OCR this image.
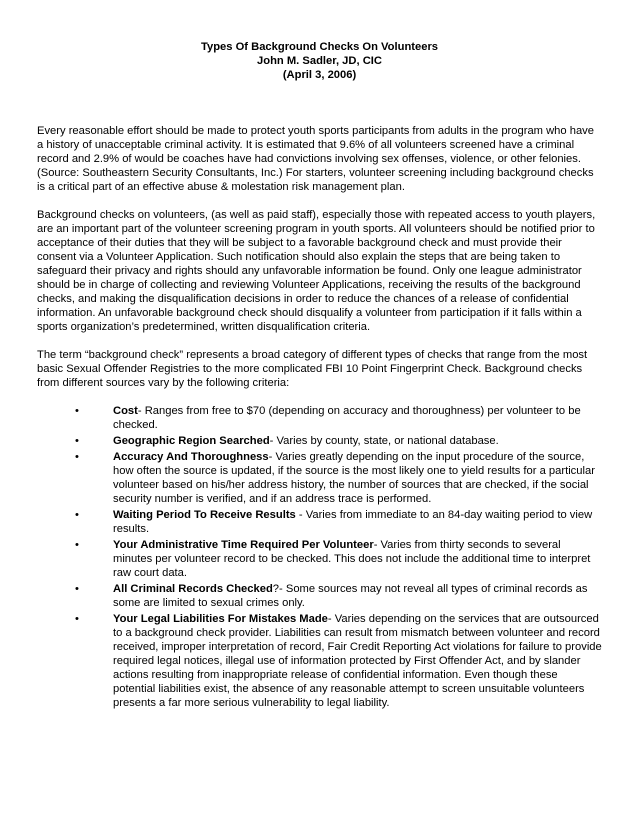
Types Of Background Checks On Volunteers
John M. Sadler, JD, CIC
(April 3, 2006)

Every reasonable effort should be made to protect youth sports participants from adults in the program who have a history of unacceptable criminal activity. It is estimated that 9.6% of all volunteers screened have a criminal record and 2.9% of would be coaches have had convictions involving sex offenses, violence, or other felonies. (Source: Southeastern Security Consultants, Inc.) For starters, volunteer screening including background checks is a critical part of an effective abuse & molestation risk management plan.

Background checks on volunteers, (as well as paid staff), especially those with repeated access to youth players, are an important part of the volunteer screening program in youth sports. All volunteers should be notified prior to acceptance of their duties that they will be subject to a favorable background check and must provide their consent via a Volunteer Application. Such notification should also explain the steps that are being taken to safeguard their privacy and rights should any unfavorable information be found. Only one league administrator should be in charge of collecting and reviewing Volunteer Applications, receiving the results of the background checks, and making the disqualification decisions in order to reduce the chances of a release of confidential information. An unfavorable background check should disqualify a volunteer from participation if it falls within a sports organization’s predetermined, written disqualification criteria.

The term “background check” represents a broad category of different types of checks that range from the most basic Sexual Offender Registries to the more complicated FBI 10 Point Fingerprint Check. Background checks from different sources vary by the following criteria:

•	Cost- Ranges from free to $70 (depending on accuracy and thoroughness) per volunteer to be checked.
•	Geographic Region Searched- Varies by county, state, or national database.
•	Accuracy And Thoroughness- Varies greatly depending on the input procedure of the source, how often the source is updated, if the source is the most likely one to yield results for a particular volunteer based on his/her address history, the number of sources that are checked, if the social security number is verified, and if an address trace is performed.
•	Waiting Period To Receive Results - Varies from immediate to an 84-day waiting period to view results.
•	Your Administrative Time Required Per Volunteer- Varies from thirty seconds to several minutes per volunteer record to be checked. This does not include the additional time to interpret raw court data.
•	All Criminal Records Checked?- Some sources may not reveal all types of criminal records as some are limited to sexual crimes only.
•	Your Legal Liabilities For Mistakes Made- Varies depending on the services that are outsourced to a background check provider. Liabilities can result from mismatch between volunteer and record received, improper interpretation of record, Fair Credit Reporting Act violations for failure to provide required legal notices, illegal use of information protected by First Offender Act, and by slander actions resulting from inappropriate release of confidential information. Even though these potential liabilities exist, the absence of any reasonable attempt to screen unsuitable volunteers presents a far more serious vulnerability to legal liability.
